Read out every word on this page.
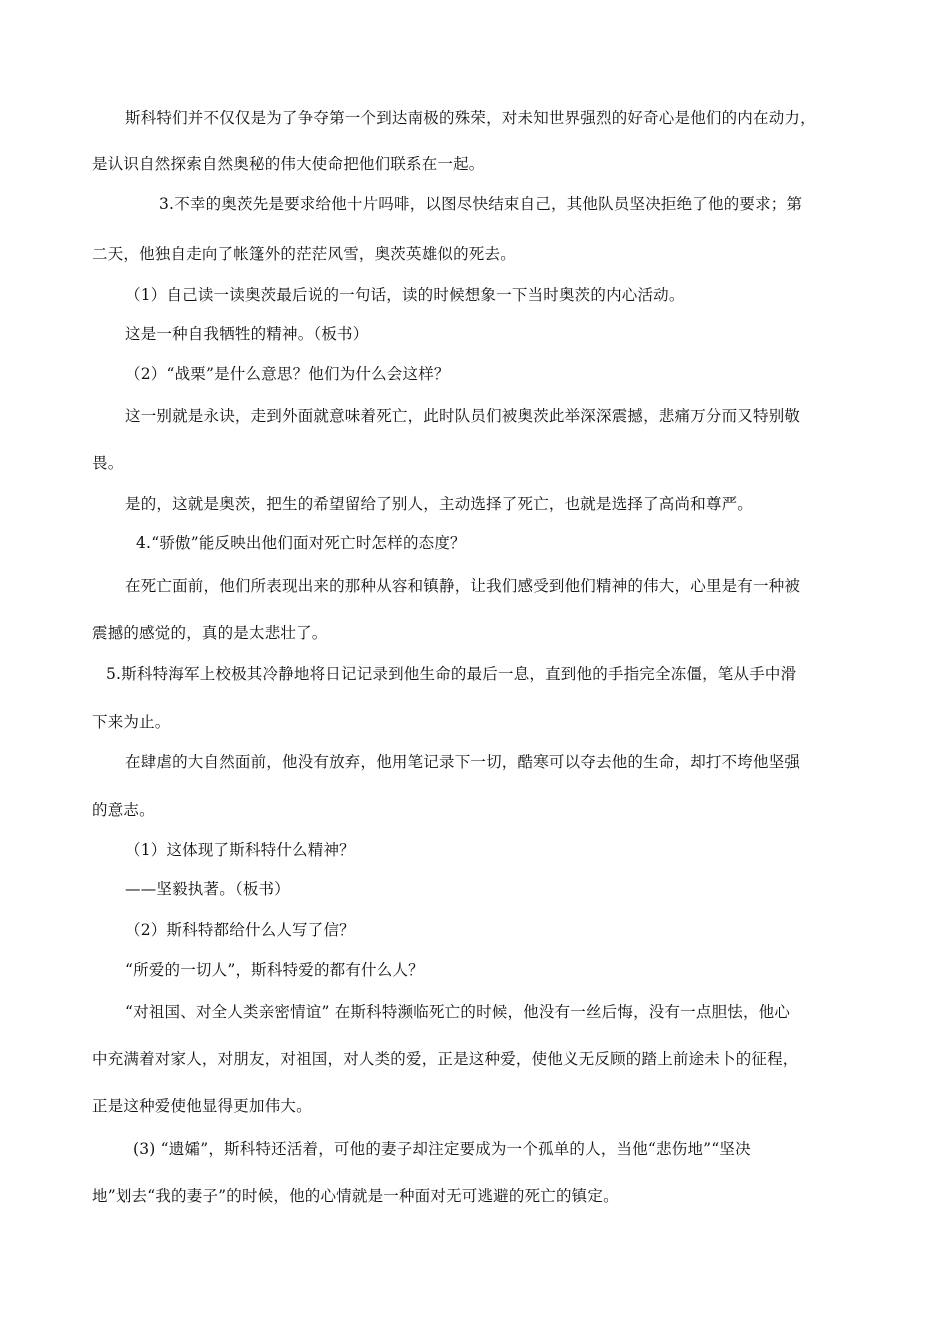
斯科特们并不仅仅是为了争夺第一个到达南极的殊荣，对未知世界强烈的好奇心是他们的内在动力，
是认识自然探索自然奥秘的伟大使命把他们联系在一起。
3.不幸的奥茨先是要求给他十片吗啡，以图尽快结束自己，其他队员坚决拒绝了他的要求；第
二天，他独自走向了帐篷外的茫茫风雪，奥茨英雄似的死去。
（1）自己读一读奥茨最后说的一句话，读的时候想象一下当时奥茨的内心活动。
这是一种自我牺牲的精神。（板书）
（2）“战栗”是什么意思？他们为什么会这样？
这一别就是永诀，走到外面就意味着死亡，此时队员们被奥茨此举深深震撼，悲痛万分而又特别敬
畏。
是的，这就是奥茨，把生的希望留给了别人，主动选择了死亡，也就是选择了高尚和尊严。
4.“骄傲”能反映出他们面对死亡时怎样的态度？
在死亡面前，他们所表现出来的那种从容和镇静，让我们感受到他们精神的伟大，心里是有一种被
震撼的感觉的，真的是太悲壮了。
5.斯科特海军上校极其冷静地将日记记录到他生命的最后一息，直到他的手指完全冻僵，笔从手中滑
下来为止。
在肆虐的大自然面前，他没有放弃，他用笔记录下一切，酷寒可以夺去他的生命，却打不垮他坚强
的意志。
（1）这体现了斯科特什么精神？
——坚毅执著。（板书）
（2）斯科特都给什么人写了信？
“所爱的一切人”，斯科特爱的都有什么人？
“对祖国、对全人类亲密情谊” 在斯科特濒临死亡的时候，他没有一丝后悔，没有一点胆怯，他心
中充满着对家人，对朋友，对祖国，对人类的爱，正是这种爱，使他义无反顾的踏上前途未卜的征程，
正是这种爱使他显得更加伟大。
(3) “遗孀”，斯科特还活着，可他的妻子却注定要成为一个孤单的人，当他“悲伤地”“坚决
地”划去“我的妻子”的时候，他的心情就是一种面对无可逃避的死亡的镇定。
